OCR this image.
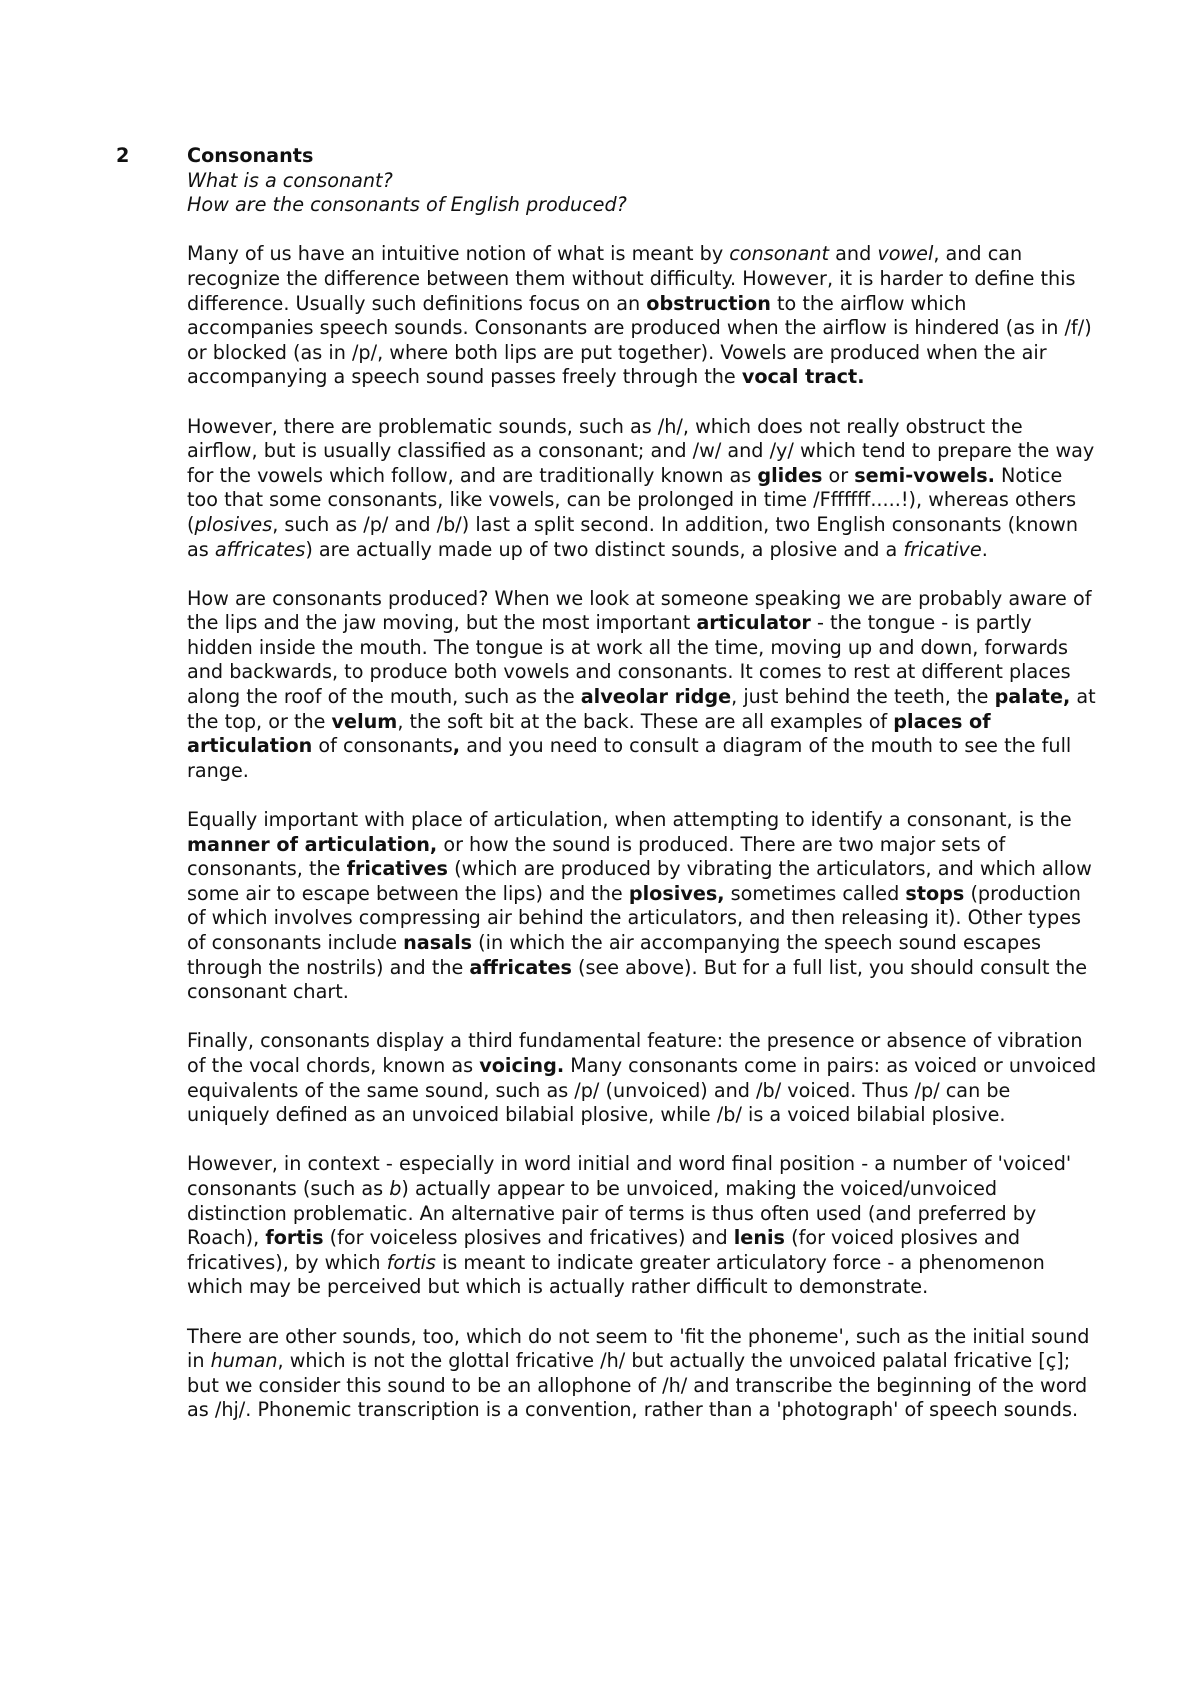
2	Consonants
What is a consonant?
How are the consonants of English produced?

Many of us have an intuitive notion of what is meant by consonant and vowel, and can recognize the difference between them without difficulty. However, it is harder to define this difference. Usually such definitions focus on an obstruction to the airflow which accompanies speech sounds. Consonants are produced when the airflow is hindered (as in /f/) or blocked (as in /p/, where both lips are put together). Vowels are produced when the air accompanying a speech sound passes freely through the vocal tract.

However, there are problematic sounds, such as /h/, which does not really obstruct the airflow, but is usually classified as a consonant; and /w/ and /y/ which tend to prepare the way for the vowels which follow, and are traditionally known as glides or semi-vowels. Notice too that some consonants, like vowels, can be prolonged in time /Fffffff.....!), whereas others (plosives, such as /p/ and /b/) last a split second. In addition, two English consonants (known as affricates) are actually made up of two distinct sounds, a plosive and a fricative.

How are consonants produced? When we look at someone speaking we are probably aware of the lips and the jaw moving, but the most important articulator - the tongue - is partly hidden inside the mouth. The tongue is at work all the time, moving up and down, forwards and backwards, to produce both vowels and consonants. It comes to rest at different places along the roof of the mouth, such as the alveolar ridge, just behind the teeth, the palate, at the top, or the velum, the soft bit at the back. These are all examples of places of articulation of consonants, and you need to consult a diagram of the mouth to see the full range.

Equally important with place of articulation, when attempting to identify a consonant, is the manner of articulation, or how the sound is produced. There are two major sets of consonants, the fricatives (which are produced by vibrating the articulators, and which allow some air to escape between the lips) and the plosives, sometimes called stops (production of which involves compressing air behind the articulators, and then releasing it). Other types of consonants include nasals (in which the air accompanying the speech sound escapes through the nostrils) and the affricates (see above). But for a full list, you should consult the consonant chart.

Finally, consonants display a third fundamental feature: the presence or absence of vibration of the vocal chords, known as voicing. Many consonants come in pairs: as voiced or unvoiced equivalents of the same sound, such as /p/ (unvoiced) and /b/ voiced. Thus /p/ can be uniquely defined as an unvoiced bilabial plosive, while /b/ is a voiced bilabial plosive.

However, in context - especially in word initial and word final position - a number of 'voiced' consonants (such as b) actually appear to be unvoiced, making the voiced/unvoiced distinction problematic. An alternative pair of terms is thus often used (and preferred by Roach), fortis (for voiceless plosives and fricatives) and lenis (for voiced plosives and fricatives), by which fortis is meant to indicate greater articulatory force - a phenomenon which may be perceived but which is actually rather difficult to demonstrate.

There are other sounds, too, which do not seem to 'fit the phoneme', such as the initial sound in human, which is not the glottal fricative /h/ but actually the unvoiced palatal fricative [ç]; but we consider this sound to be an allophone of /h/ and transcribe the beginning of the word as /hj/. Phonemic transcription is a convention, rather than a 'photograph' of speech sounds.
